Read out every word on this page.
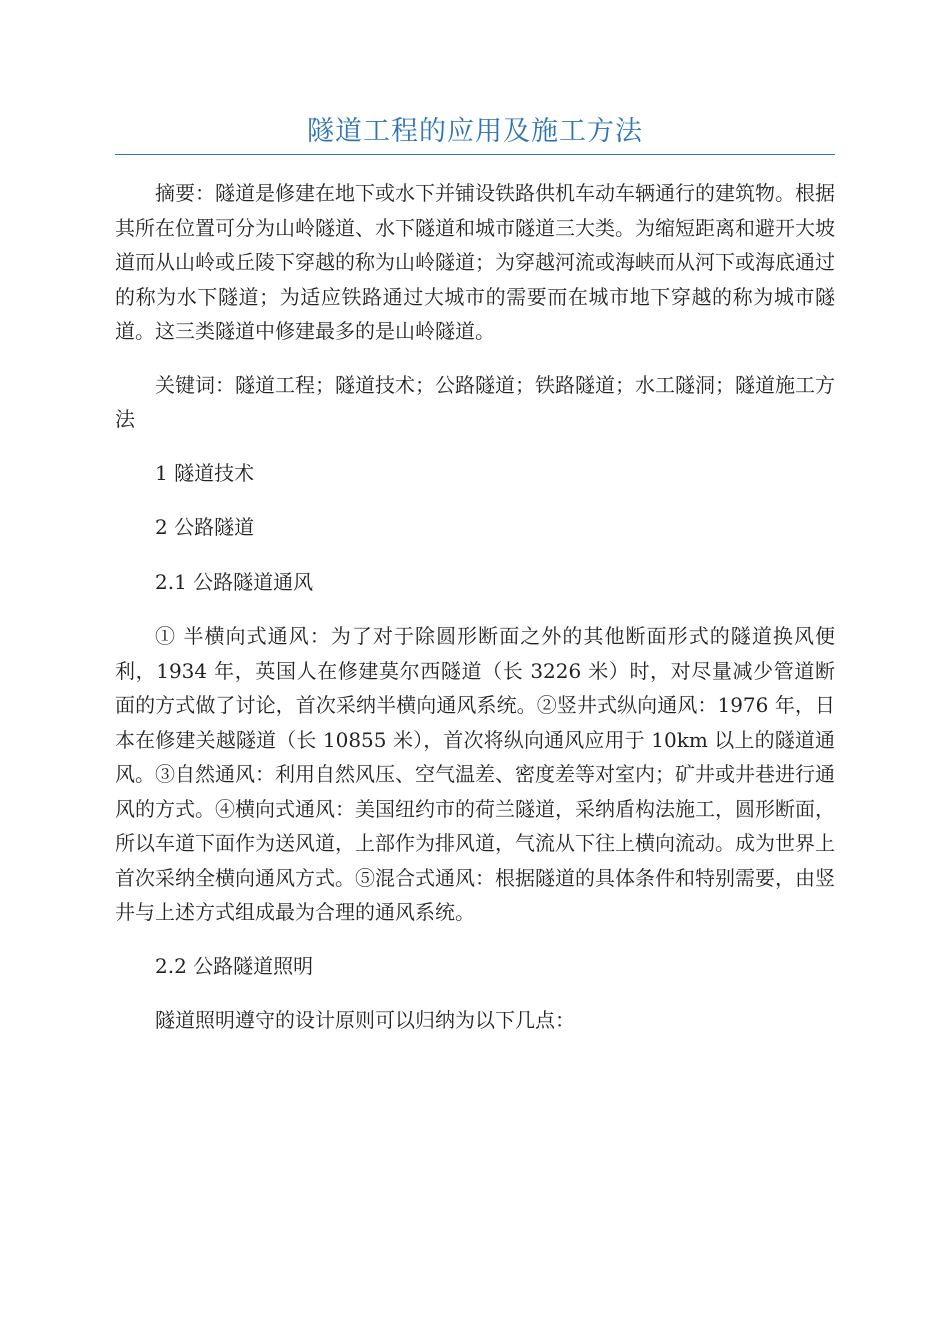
隧道工程的应用及施工方法

摘要：隧道是修建在地下或水下并铺设铁路供机车动车辆通行的建筑物。根据其所在位置可分为山岭隧道、水下隧道和城市隧道三大类。为缩短距离和避开大坡道而从山岭或丘陵下穿越的称为山岭隧道；为穿越河流或海峡而从河下或海底通过的称为水下隧道；为适应铁路通过大城市的需要而在城市地下穿越的称为城市隧道。这三类隧道中修建最多的是山岭隧道。

关键词：隧道工程；隧道技术；公路隧道；铁路隧道；水工隧洞；隧道施工方法

1 隧道技术

2 公路隧道

2.1 公路隧道通风

① 半横向式通风：为了对于除圆形断面之外的其他断面形式的隧道换风便利，1934 年，英国人在修建莫尔西隧道（长 3226 米）时，对尽量减少管道断面的方式做了讨论，首次采纳半横向通风系统。②竖井式纵向通风：1976 年，日本在修建关越隧道（长 10855 米），首次将纵向通风应用于 10km 以上的隧道通风。③自然通风：利用自然风压、空气温差、密度差等对室内；矿井或井巷进行通风的方式。④横向式通风：美国纽约市的荷兰隧道，采纳盾构法施工，圆形断面，所以车道下面作为送风道，上部作为排风道，气流从下往上横向流动。成为世界上首次采纳全横向通风方式。⑤混合式通风：根据隧道的具体条件和特别需要，由竖井与上述方式组成最为合理的通风系统。

2.2 公路隧道照明

隧道照明遵守的设计原则可以归纳为以下几点：
